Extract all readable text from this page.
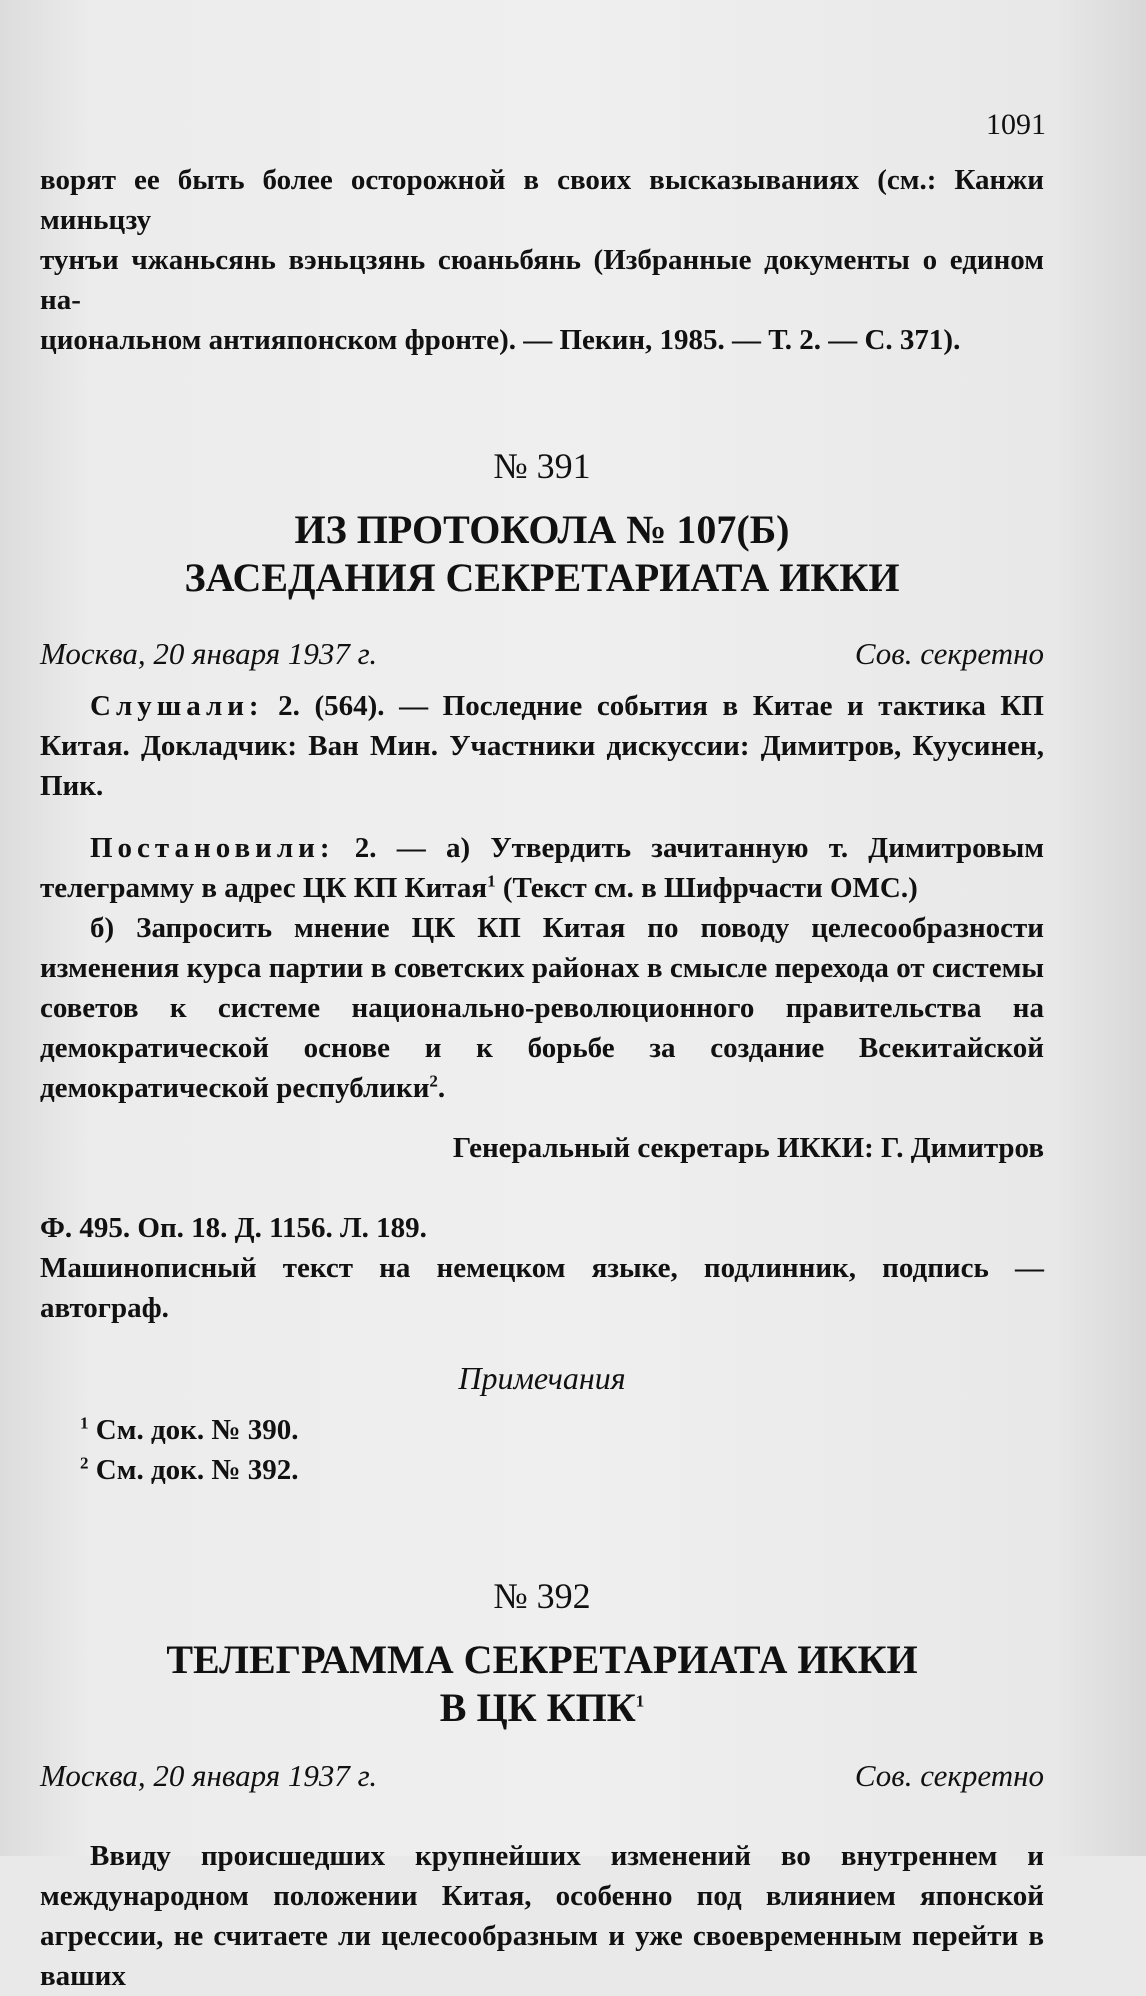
1091

ворят ее быть более осторожной в своих высказываниях (см.: Канжи миньцзу

тунъи чжаньсянь вэньцзянь сюаньбянь (Избранные документы о едином на-

циональном антияпонском фронте). — Пекин, 1985. — Т. 2. — С. 371).

№ 391
ИЗ ПРОТОКОЛА № 107(Б)
ЗАСЕДАНИЯ СЕКРЕТАРИАТА ИККИ
Москва, 20 января 1937 г.	Сов. секретно

Слушали: 2. (564). — Последние события в Китае и тактика КП Китая. Докладчик: Ван Мин. Участники дискуссии: Димитров, Куусинен, Пик.

Постановили: 2. — а) Утвердить зачитанную т. Димитровым телеграмму в адрес ЦК КП Китая$^1$ (Текст см. в Шифрчасти ОМС.)

б) Запросить мнение ЦК КП Китая по поводу целесообразности изменения курса партии в советских районах в смысле перехода от системы советов к системе национально-революционного правительства на демократической основе и к борьбе за создание Всекитайской демократической республики$^2$.

Генеральный секретарь ИККИ: Г. Димитров

Ф. 495. Оп. 18. Д. 1156. Л. 189.

Машинописный текст на немецком языке, подлинник, подпись — автограф.

Примечания

$^1$ См. док. № 390.

$^2$ См. док. № 392.

№ 392
ТЕЛЕГРАММА СЕКРЕТАРИАТА ИККИ
В ЦК КПК$^1$
Москва, 20 января 1937 г.	Сов. секретно

Ввиду происшедших крупнейших изменений во внутреннем и международном положении Китая, особенно под влиянием японской агрессии, не считаете ли целесообразным и уже своевременным перейти в ваших
